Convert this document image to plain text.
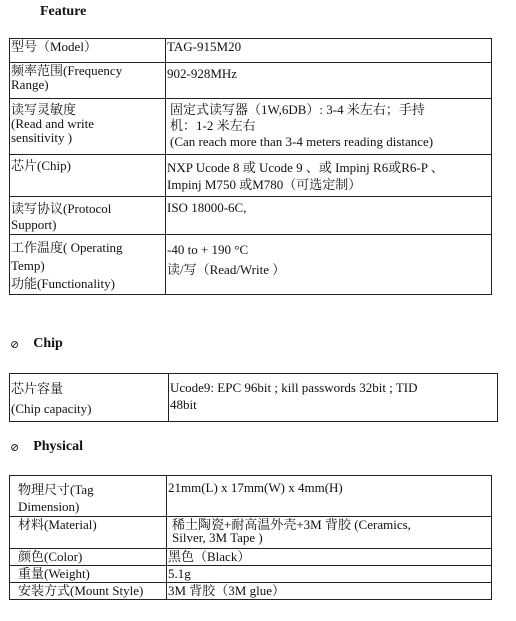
Feature
型号（Model）	TAG-915M20
频率范围(Frequency
Range)	902-928MHz
读写灵敏度
(Read and write
sensitivity )	固定式读写器（1W,6DB）: 3-4 米左右；手持
机：1-2 米左右
(Can reach more than 3-4 meters reading distance)
芯片(Chip)	NXP Ucode 8 或 Ucode 9 、或 Impinj R6或R6-P 、
Impinj M750 或M780（可选定制）
读写协议(Protocol
Support)	ISO 18000-6C,
工作温度( Operating
Temp)
功能(Functionality)	-40 to + 190 °C
读/写（Read/Write ）
⊘ Chip
芯片容量
(Chip capacity)	Ucode9: EPC 96bit ; kill passwords 32bit ; TID
48bit
⊘ Physical
物理尺寸(Tag
Dimension)	21mm(L) x 17mm(W) x 4mm(H)
材料(Material)	稀土陶瓷+耐高温外壳+3M 背胶 (Ceramics,
Silver, 3M Tape )
颜色(Color)	黑色（Black）
重量(Weight)	5.1g
安装方式(Mount Style)	3M 背胶（3M glue）
